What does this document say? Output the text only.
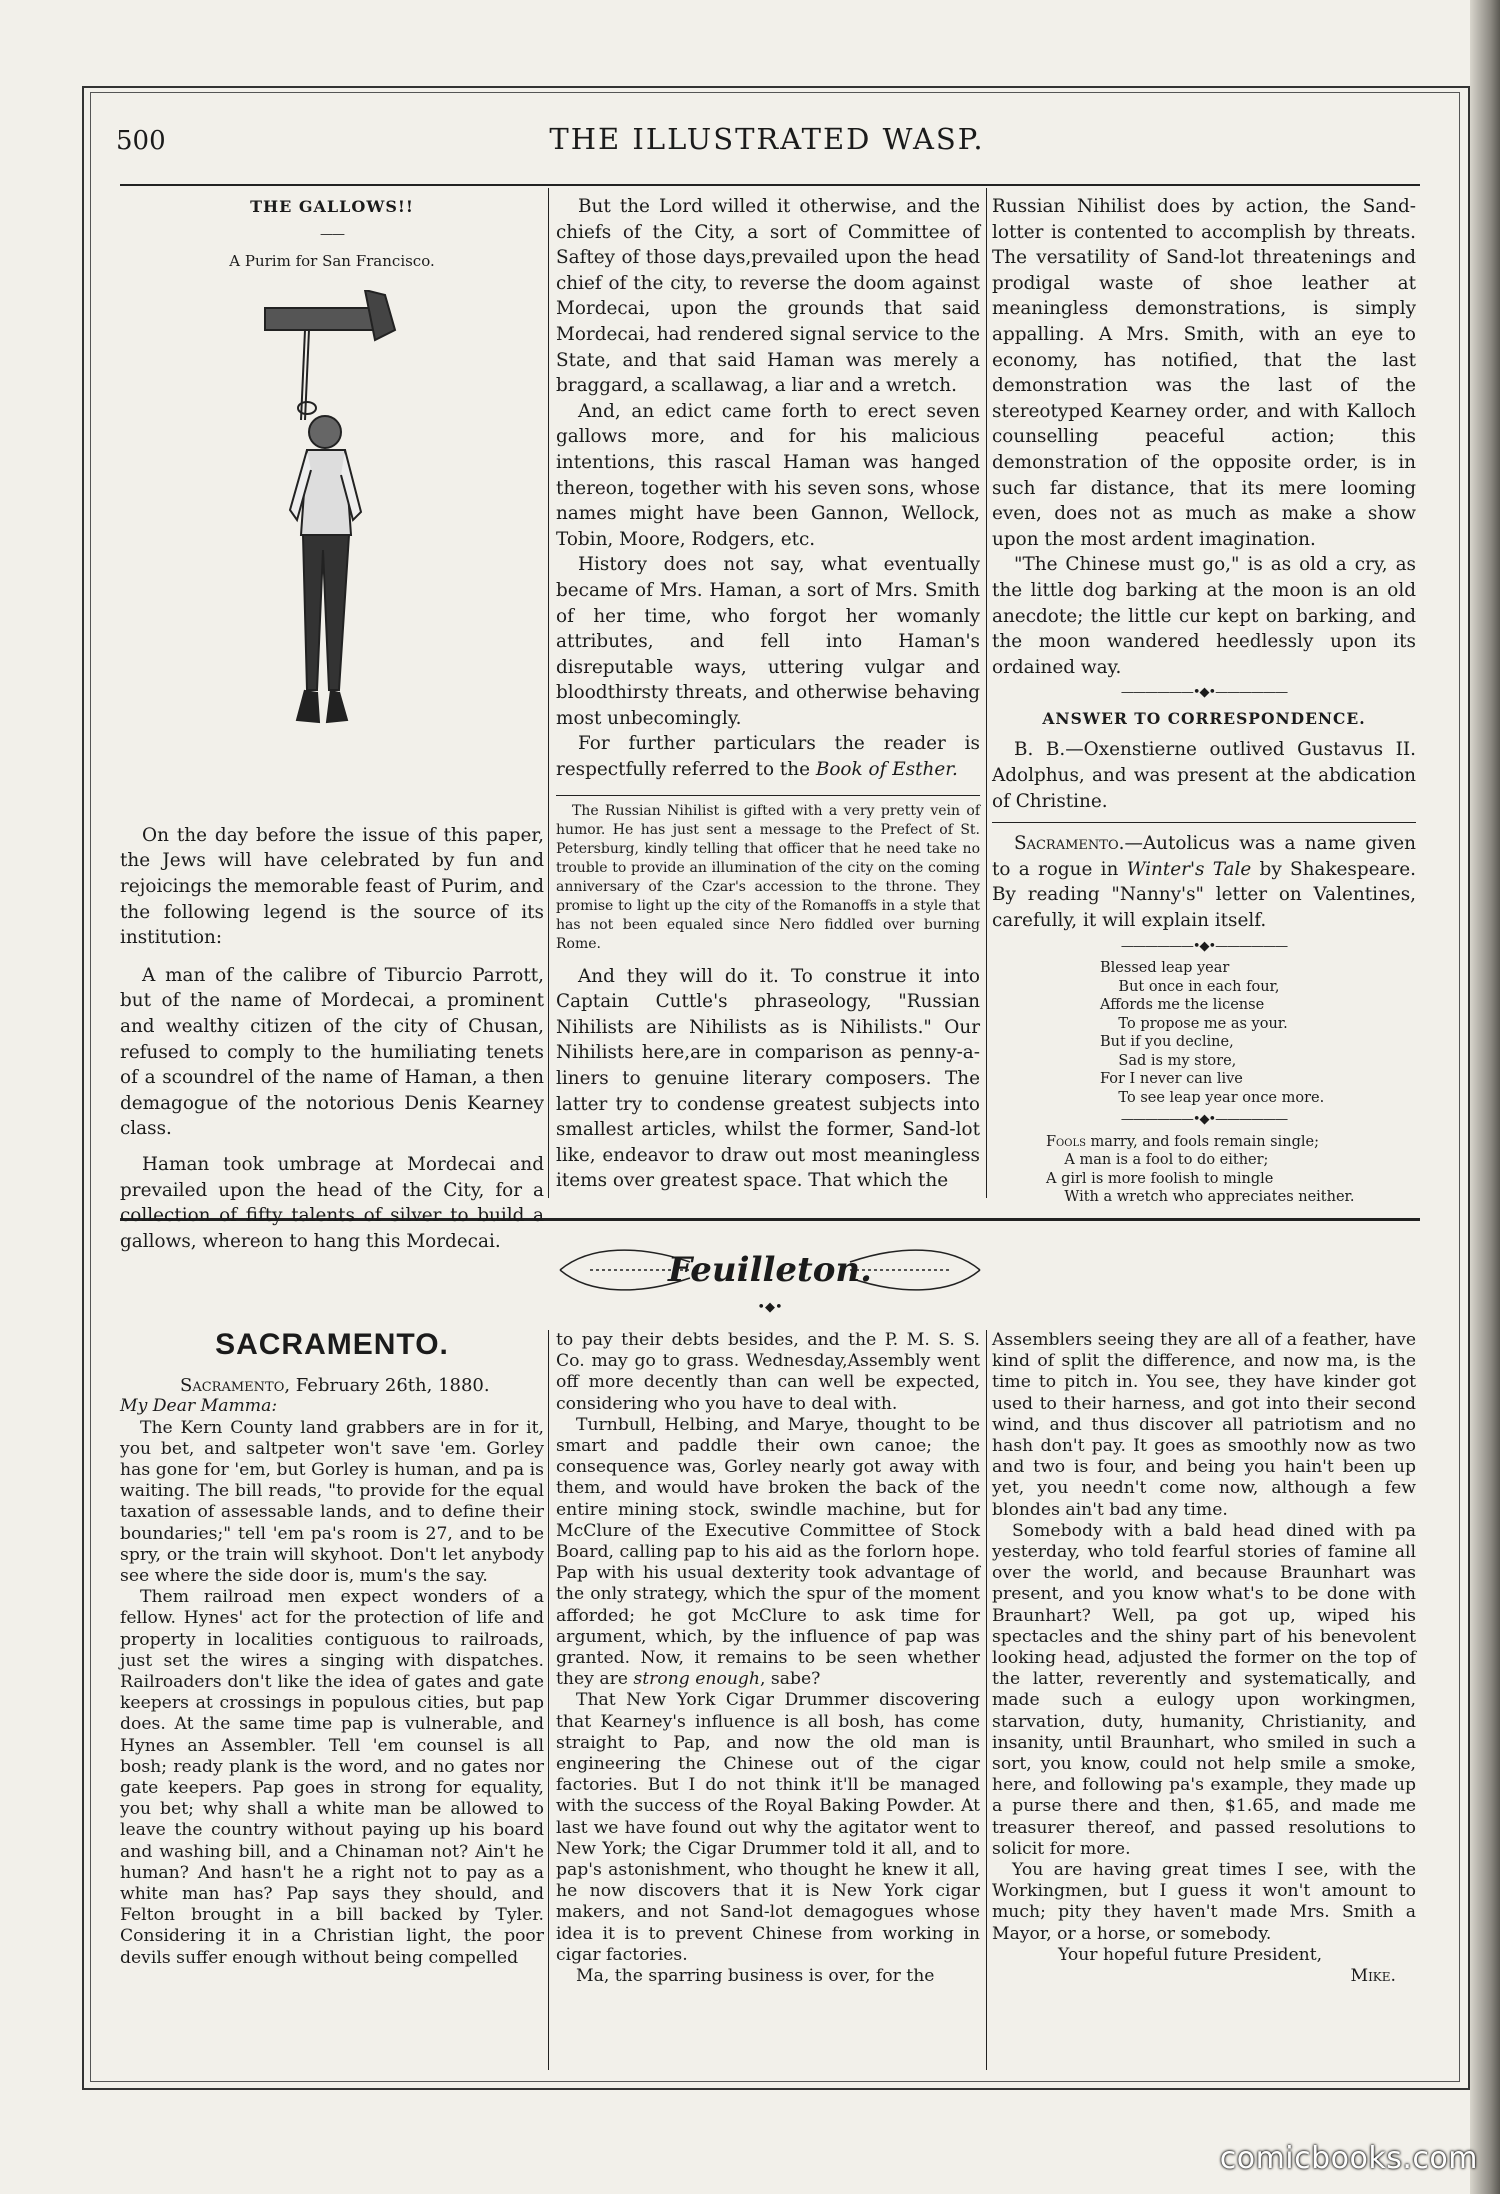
500	THE ILLUSTRATED WASP.

THE GALLOWS!!

——

A Purim for San Francisco.

On the day before the issue of this paper, the Jews will have celebrated by fun and rejoicings the memorable feast of Purim, and the following legend is the source of its institution:

A man of the calibre of Tiburcio Parrott, but of the name of Mordecai, a prominent and wealthy citizen of the city of Chusan, refused to comply to the humiliating tenets of a scoundrel of the name of Haman, a then demagogue of the notorious Denis Kearney class.

Haman took umbrage at Mordecai and prevailed upon the head of the City, for a collection of fifty talents of silver to build a gallows, whereon to hang this Mordecai.

But the Lord willed it otherwise, and the chiefs of the City, a sort of Committee of Saftey of those days,prevailed upon the head chief of the city, to reverse the doom against Mordecai, upon the grounds that said Mordecai, had rendered signal service to the State, and that said Haman was merely a braggard, a scallawag, a liar and a wretch.

And, an edict came forth to erect seven gallows more, and for his malicious intentions, this rascal Haman was hanged thereon, together with his seven sons, whose names might have been Gannon, Wellock, Tobin, Moore, Rodgers, etc.

History does not say, what eventually became of Mrs. Haman, a sort of Mrs. Smith of her time, who forgot her womanly attributes, and fell into Haman's disreputable ways, uttering vulgar and bloodthirsty threats, and otherwise behaving most unbecomingly.

For further particulars the reader is respectfully referred to the Book of Esther.

The Russian Nihilist is gifted with a very pretty vein of humor. He has just sent a message to the Prefect of St. Petersburg, kindly telling that officer that he need take no trouble to provide an illumination of the city on the coming anniversary of the Czar's accession to the throne. They promise to light up the city of the Romanoffs in a style that has not been equaled since Nero fiddled over burning Rome.

And they will do it. To construe it into Captain Cuttle's phraseology, "Russian Nihilists are Nihilists as is Nihilists." Our Nihilists here,are in comparison as penny-a-liners to genuine literary composers. The latter try to condense greatest subjects into smallest articles, whilst the former, Sand-lot like, endeavor to draw out most meaningless items over greatest space. That which the

Russian Nihilist does by action, the Sand-lotter is contented to accomplish by threats. The versatility of Sand-lot threatenings and prodigal waste of shoe leather at meaningless demonstrations, is simply appalling. A Mrs. Smith, with an eye to economy, has notified, that the last demonstration was the last of the stereotyped Kearney order, and with Kalloch counselling peaceful action; this demonstration of the opposite order, is in such far distance, that its mere looming even, does not as much as make a show upon the most ardent imagination.

"The Chinese must go," is as old a cry, as the little dog barking at the moon is an old anecdote; the little cur kept on barking, and the moon wandered heedlessly upon its ordained way.

——————•◆•——————

ANSWER TO CORRESPONDENCE.

B. B.—Oxenstierne outlived Gustavus II. Adolphus, and was present at the abdication of Christine.

Sacramento.—Autolicus was a name given to a rogue in Winter's Tale by Shakespeare. By reading "Nanny's" letter on Valentines, carefully, it will explain itself.

——————•◆•——————

Blessed leap year
But once in each four,
Affords me the license
To propose me as your.
But if you decline,
Sad is my store,
For I never can live
To see leap year once more.

——————•◆•——————

Fools marry, and fools remain single;
A man is a fool to do either;
A girl is more foolish to mingle
With a wretch who appreciates neither.
Feuilleton.
•◆•
SACRAMENTO.

Sacramento, February 26th, 1880.

My Dear Mamma:

The Kern County land grabbers are in for it, you bet, and saltpeter won't save 'em. Gorley has gone for 'em, but Gorley is human, and pa is waiting. The bill reads, "to provide for the equal taxation of assessable lands, and to define their boundaries;" tell 'em pa's room is 27, and to be spry, or the train will skyhoot. Don't let anybody see where the side door is, mum's the say.

Them railroad men expect wonders of a fellow. Hynes' act for the protection of life and property in localities contiguous to railroads, just set the wires a singing with dispatches. Railroaders don't like the idea of gates and gate keepers at crossings in populous cities, but pap does. At the same time pap is vulnerable, and Hynes an Assembler. Tell 'em counsel is all bosh; ready plank is the word, and no gates nor gate keepers. Pap goes in strong for equality, you bet; why shall a white man be allowed to leave the country without paying up his board and washing bill, and a Chinaman not? Ain't he human? And hasn't he a right not to pay as a white man has? Pap says they should, and Felton brought in a bill backed by Tyler. Considering it in a Christian light, the poor devils suffer enough without being compelled

to pay their debts besides, and the P. M. S. S. Co. may go to grass. Wednesday,Assembly went off more decently than can well be expected, considering who you have to deal with.

Turnbull, Helbing, and Marye, thought to be smart and paddle their own canoe; the consequence was, Gorley nearly got away with them, and would have broken the back of the entire mining stock, swindle machine, but for McClure of the Executive Committee of Stock Board, calling pap to his aid as the forlorn hope. Pap with his usual dexterity took advantage of the only strategy, which the spur of the moment afforded; he got McClure to ask time for argument, which, by the influence of pap was granted. Now, it remains to be seen whether they are strong enough, sabe?

That New York Cigar Drummer discovering that Kearney's influence is all bosh, has come straight to Pap, and now the old man is engineering the Chinese out of the cigar factories. But I do not think it'll be managed with the success of the Royal Baking Powder. At last we have found out why the agitator went to New York; the Cigar Drummer told it all, and to pap's astonishment, who thought he knew it all, he now discovers that it is New York cigar makers, and not Sand-lot demagogues whose idea it is to prevent Chinese from working in cigar factories.

Ma, the sparring business is over, for the

Assemblers seeing they are all of a feather, have kind of split the difference, and now ma, is the time to pitch in. You see, they have kinder got used to their harness, and got into their second wind, and thus discover all patriotism and no hash don't pay. It goes as smoothly now as two and two is four, and being you hain't been up yet, you needn't come now, although a few blondes ain't bad any time.

Somebody with a bald head dined with pa yesterday, who told fearful stories of famine all over the world, and because Braunhart was present, and you know what's to be done with Braunhart? Well, pa got up, wiped his spectacles and the shiny part of his benevolent looking head, adjusted the former on the top of the latter, reverently and systematically, and made such a eulogy upon workingmen, starvation, duty, humanity, Christianity, and insanity, until Braunhart, who smiled in such a sort, you know, could not help smile a smoke, here, and following pa's example, they made up a purse there and then, $1.65, and made me treasurer thereof, and passed resolutions to solicit for more.

You are having great times I see, with the Workingmen, but I guess it won't amount to much; pity they haven't made Mrs. Smith a Mayor, or a horse, or somebody.

Your hopeful future President,

Mike.

comicbooks.com
